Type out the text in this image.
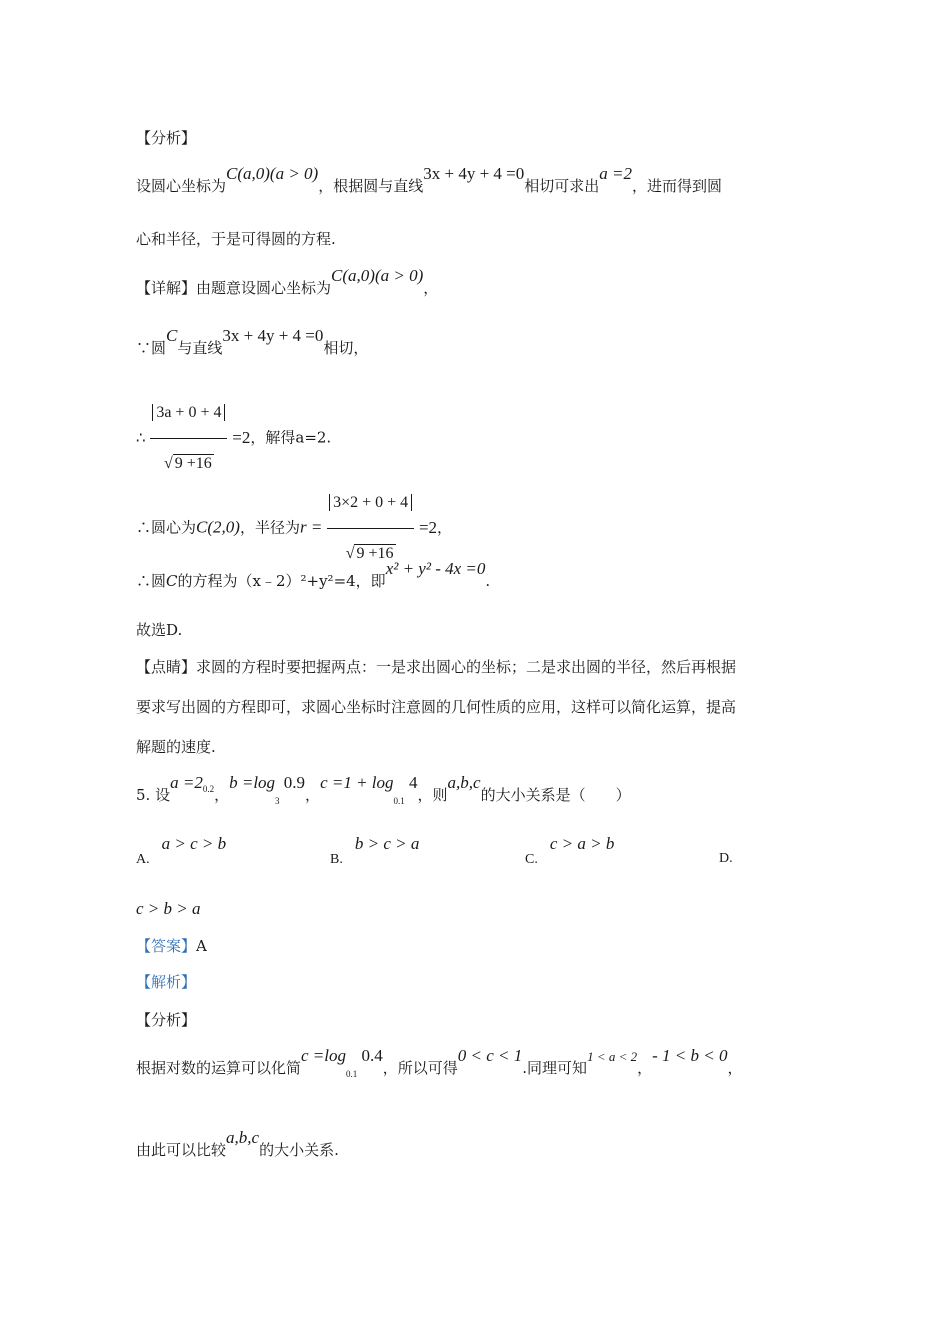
【分析】
设圆心坐标为C(a,0)(a > 0)，根据圆与直线3x + 4y + 4 =0相切可求出a =2，进而得到圆
心和半径，于是可得圆的方程.
【详解】由题意设圆心坐标为C(a,0)(a > 0)，
∵圆C与直线3x + 4y + 4 =0相切，
∴ $\frac{3a + 0 + 4}{√ 9 +16} =2$，解得a=2.
∴圆心为C(2,0)，半径为$r = \frac{3\times 2 + 0 + 4}{√ 9 +16} =2$，
∴圆C的方程为（x﹣2）²+y²=4，即x² + y² - 4x =0.
故选D.
【点睛】求圆的方程时要把握两点：一是求出圆心的坐标；二是求出圆的半径，然后再根据
要求写出圆的方程即可，求圆心坐标时注意圆的几何性质的应用，这样可以简化运算，提高
解题的速度.
5. 设$a =2^{0.2}$，$b =\log_3$ 0.9，$c =1 + \log_{0.1} 4$，则a,b,c的大小关系是（　　）
A.a > c > b
B.b > c > a
C.c > a > b
D.
c > b > a
【答案】A
【解析】
【分析】
根据对数的运算可以化简$c =\log_{0.1}$ 0.4，所以可得0 < c < 1.同理可知1 < a < 2，- 1 < b < 0，
由此可以比较a,b,c的大小关系.
